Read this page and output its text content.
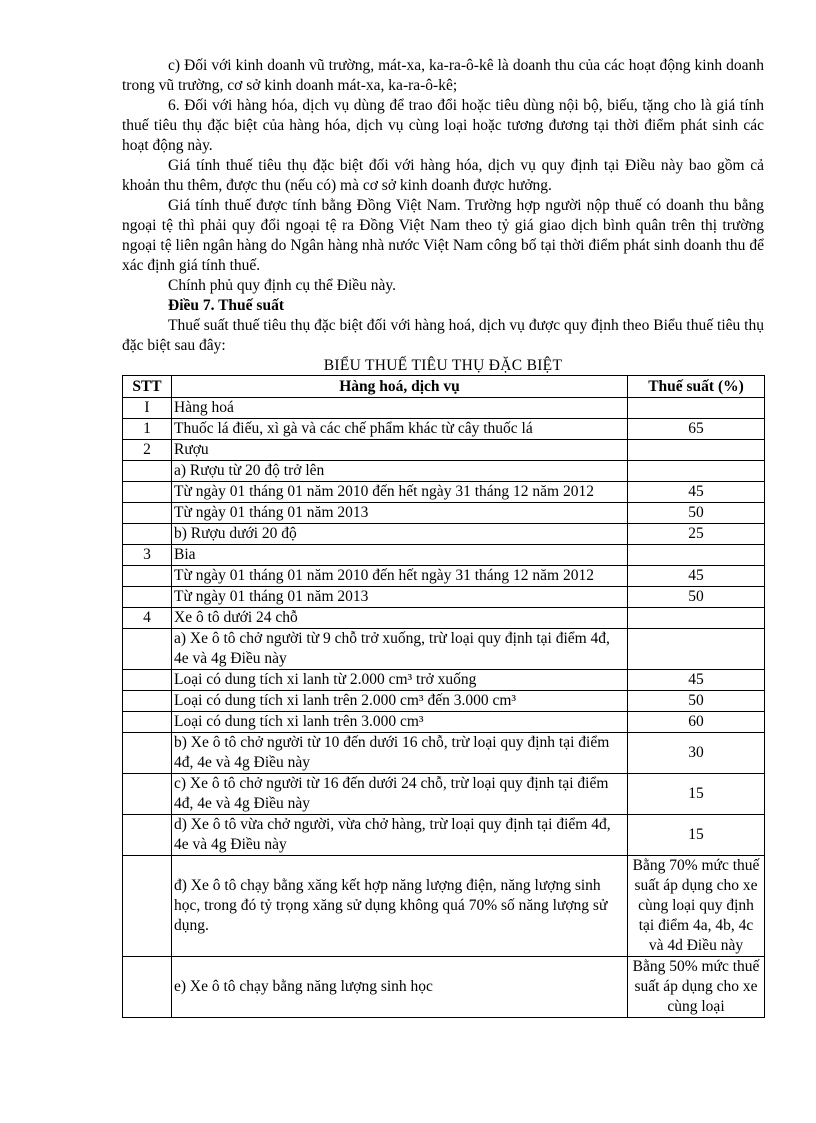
c) Đối với kinh doanh vũ trường, mát-xa, ka-ra-ô-kê là doanh thu của các hoạt động kinh doanh trong vũ trường, cơ sở kinh doanh mát-xa, ka-ra-ô-kê;

6. Đối với hàng hóa, dịch vụ dùng để trao đổi hoặc tiêu dùng nội bộ, biếu, tặng cho là giá tính thuế tiêu thụ đặc biệt của hàng hóa, dịch vụ cùng loại hoặc tương đương tại thời điểm phát sinh các hoạt động này.

Giá tính thuế tiêu thụ đặc biệt đối với hàng hóa, dịch vụ quy định tại Điều này bao gồm cả khoản thu thêm, được thu (nếu có) mà cơ sở kinh doanh được hưởng.

Giá tính thuế được tính bằng Đồng Việt Nam. Trường hợp người nộp thuế có doanh thu bằng ngoại tệ thì phải quy đổi ngoại tệ ra Đồng Việt Nam theo tỷ giá giao dịch bình quân trên thị trường ngoại tệ liên ngân hàng do Ngân hàng nhà nước Việt Nam công bố tại thời điểm phát sinh doanh thu để xác định giá tính thuế.

Chính phủ quy định cụ thể Điều này.

Điều 7. Thuế suất

Thuế suất thuế tiêu thụ đặc biệt đối với hàng hoá, dịch vụ được quy định theo Biểu thuế tiêu thụ đặc biệt sau đây:

BIỂU THUẾ TIÊU THỤ ĐẶC BIỆT

STT	Hàng hoá, dịch vụ	Thuế suất (%)
I	Hàng hoá	
1	Thuốc lá điếu, xì gà và các chế phẩm khác từ cây thuốc lá	65
2	Rượu	
	a) Rượu từ 20 độ trở lên	
	Từ ngày 01 tháng 01 năm 2010 đến hết ngày 31 tháng 12 năm 2012	45
	Từ ngày 01 tháng 01 năm 2013	50
	b) Rượu dưới 20 độ	25
3	Bia	
	Từ ngày 01 tháng 01 năm 2010 đến hết ngày 31 tháng 12 năm 2012	45
	Từ ngày 01 tháng 01 năm 2013	50
4	Xe ô tô dưới 24 chỗ	
	a) Xe ô tô chở người từ 9 chỗ trở xuống, trừ loại quy định tại điểm 4đ, 4e và 4g Điều này	
	Loại có dung tích xi lanh từ 2.000 cm³ trở xuống	45
	Loại có dung tích xi lanh trên 2.000 cm³ đến 3.000 cm³	50
	Loại có dung tích xi lanh trên 3.000 cm³	60
	b) Xe ô tô chở người từ 10 đến dưới 16 chỗ, trừ loại quy định tại điểm 4đ, 4e và 4g Điều này	30
	c) Xe ô tô chở người từ 16 đến dưới 24 chỗ, trừ loại quy định tại điểm 4đ, 4e và 4g Điều này	15
	d) Xe ô tô vừa chở người, vừa chở hàng, trừ loại quy định tại điểm 4đ, 4e và 4g Điều này	15
	đ) Xe ô tô chạy bằng xăng kết hợp năng lượng điện, năng lượng sinh học, trong đó tỷ trọng xăng sử dụng không quá 70% số năng lượng sử dụng.	Bằng 70% mức thuế suất áp dụng cho xe cùng loại quy định tại điểm 4a, 4b, 4c và 4d Điều này
	e) Xe ô tô chạy bằng năng lượng sinh học	Bằng 50% mức thuế suất áp dụng cho xe cùng loại
